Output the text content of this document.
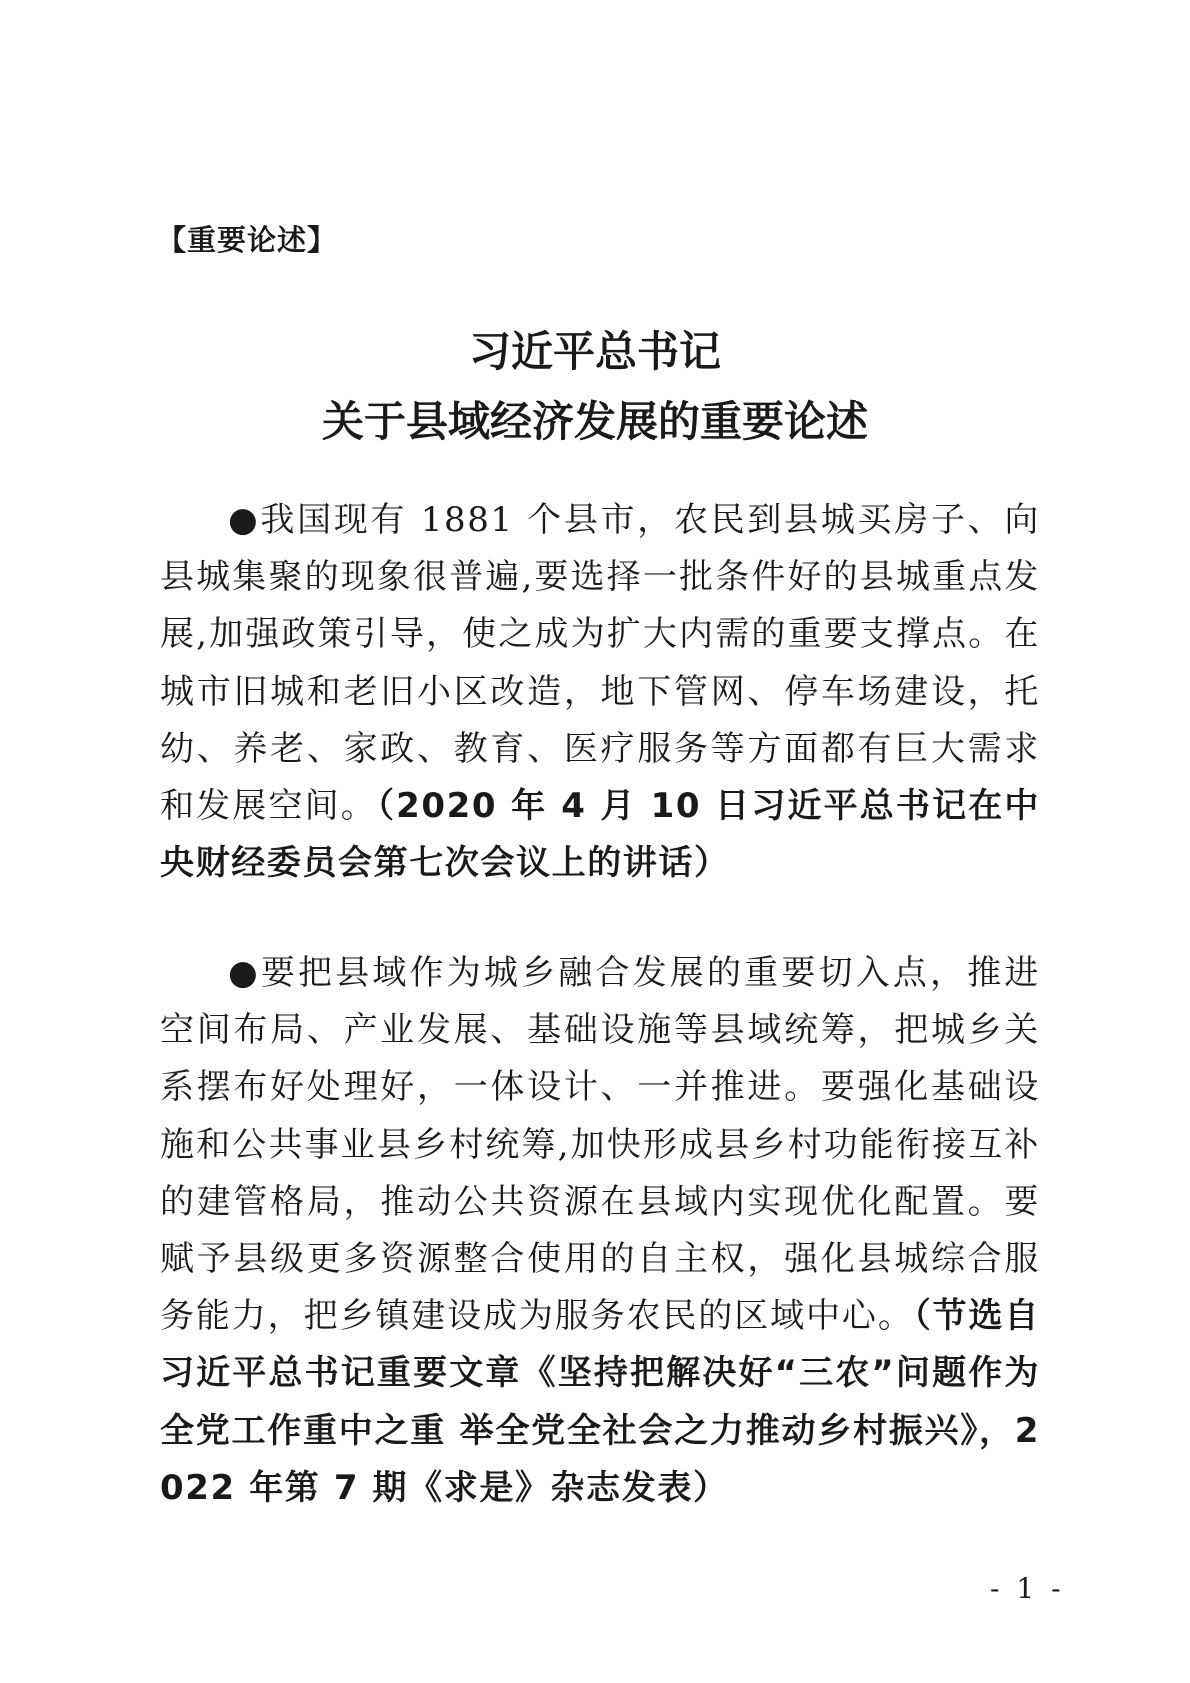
【重要论述】
习近平总书记
关于县域经济发展的重要论述

●我国现有 1881 个县市，农民到县城买房子、向县城集聚的现象很普遍,要选择一批条件好的县城重点发展,加强政策引导，使之成为扩大内需的重要支撑点。在城市旧城和老旧小区改造，地下管网、停车场建设，托幼、养老、家政、教育、医疗服务等方面都有巨大需求和发展空间。（2020 年 4 月 10 日习近平总书记在中央财经委员会第七次会议上的讲话）

●要把县域作为城乡融合发展的重要切入点，推进空间布局、产业发展、基础设施等县域统筹，把城乡关系摆布好处理好，一体设计、一并推进。要强化基础设施和公共事业县乡村统筹,加快形成县乡村功能衔接互补的建管格局，推动公共资源在县域内实现优化配置。要赋予县级更多资源整合使用的自主权，强化县城综合服务能力，把乡镇建设成为服务农民的区域中心。（节选自习近平总书记重要文章《坚持把解决好“三农”问题作为全党工作重中之重 举全党全社会之力推动乡村振兴》，2022 年第 7 期《求是》杂志发表）

- 1 -
